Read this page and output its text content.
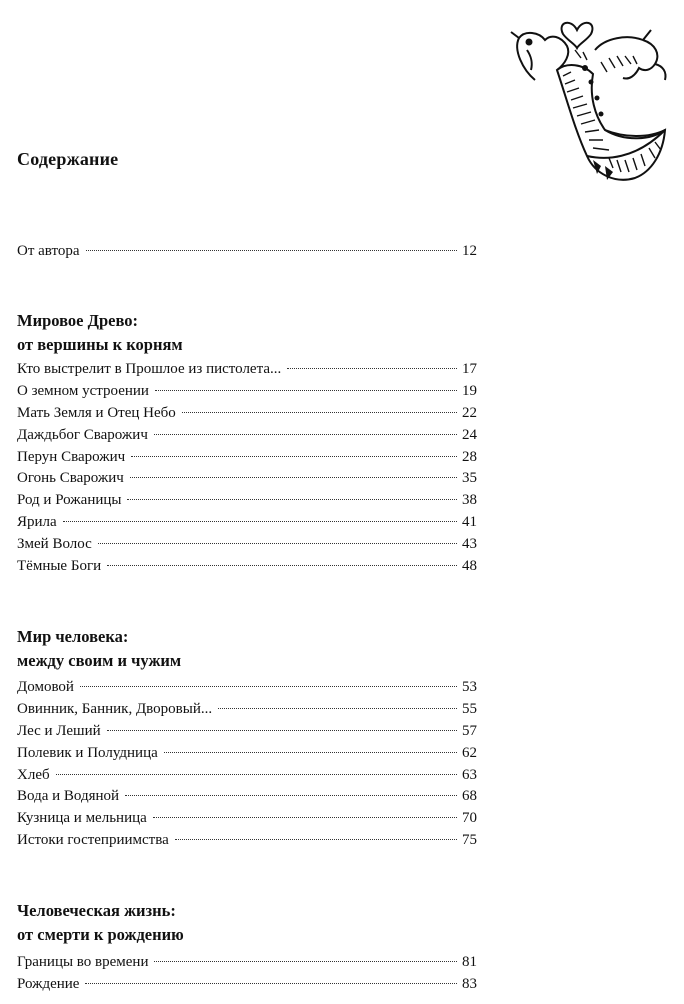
Содержание
От автора	12
Мировое Древо:
от вершины к корням
Кто выстрелит в Прошлое из пистолета...	17
О земном устроении	19
Мать Земля и Отец Небо	22
Даждьбог Сварожич	24
Перун Сварожич	28
Огонь Сварожич	35
Род и Рожаницы	38
Ярила	41
Змей Волос	43
Тёмные Боги	48
Мир человека:
между своим и чужим
Домовой	53
Овинник, Банник, Дворовый...	55
Лес и Леший	57
Полевик и Полудница	62
Хлеб	63
Вода и Водяной	68
Кузница и мельница	70
Истоки гостеприимства	75
Человеческая жизнь:
от смерти к рождению
Границы во времени	81
Рождение	83
